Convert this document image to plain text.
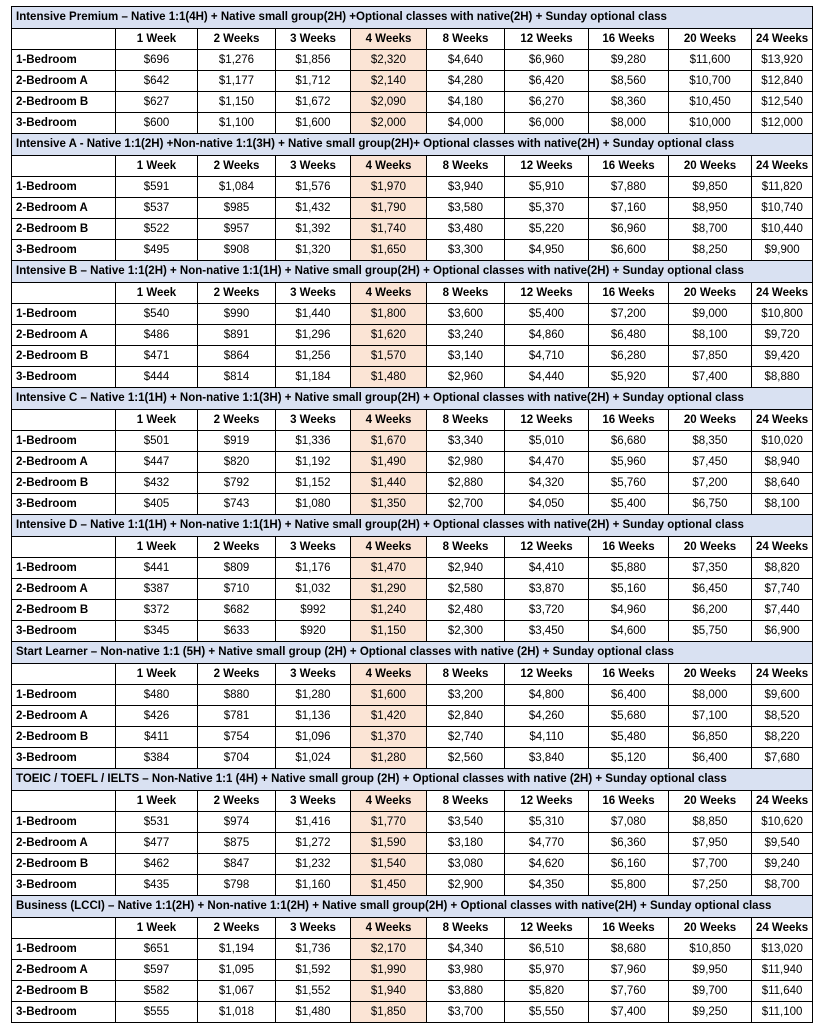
Intensive Premium – Native 1:1(4H) + Native small group(2H) +Optional classes with native(2H) + Sunday optional class									
	1 Week	2 Weeks	3 Weeks	4 Weeks	8 Weeks	12 Weeks	16 Weeks	20 Weeks	24 Weeks
1-Bedroom	$696	$1,276	$1,856	$2,320	$4,640	$6,960	$9,280	$11,600	$13,920
2-Bedroom A	$642	$1,177	$1,712	$2,140	$4,280	$6,420	$8,560	$10,700	$12,840
2-Bedroom B	$627	$1,150	$1,672	$2,090	$4,180	$6,270	$8,360	$10,450	$12,540
3-Bedroom	$600	$1,100	$1,600	$2,000	$4,000	$6,000	$8,000	$10,000	$12,000
Intensive A - Native 1:1(2H) +Non-native 1:1(3H) + Native small group(2H)+ Optional classes with native(2H) + Sunday optional class									
	1 Week	2 Weeks	3 Weeks	4 Weeks	8 Weeks	12 Weeks	16 Weeks	20 Weeks	24 Weeks
1-Bedroom	$591	$1,084	$1,576	$1,970	$3,940	$5,910	$7,880	$9,850	$11,820
2-Bedroom A	$537	$985	$1,432	$1,790	$3,580	$5,370	$7,160	$8,950	$10,740
2-Bedroom B	$522	$957	$1,392	$1,740	$3,480	$5,220	$6,960	$8,700	$10,440
3-Bedroom	$495	$908	$1,320	$1,650	$3,300	$4,950	$6,600	$8,250	$9,900
Intensive B – Native 1:1(2H) + Non-native 1:1(1H) + Native small group(2H) + Optional classes with native(2H) + Sunday optional class									
	1 Week	2 Weeks	3 Weeks	4 Weeks	8 Weeks	12 Weeks	16 Weeks	20 Weeks	24 Weeks
1-Bedroom	$540	$990	$1,440	$1,800	$3,600	$5,400	$7,200	$9,000	$10,800
2-Bedroom A	$486	$891	$1,296	$1,620	$3,240	$4,860	$6,480	$8,100	$9,720
2-Bedroom B	$471	$864	$1,256	$1,570	$3,140	$4,710	$6,280	$7,850	$9,420
3-Bedroom	$444	$814	$1,184	$1,480	$2,960	$4,440	$5,920	$7,400	$8,880
Intensive C – Native 1:1(1H) + Non-native 1:1(3H) + Native small group(2H) + Optional classes with native(2H) + Sunday optional class									
	1 Week	2 Weeks	3 Weeks	4 Weeks	8 Weeks	12 Weeks	16 Weeks	20 Weeks	24 Weeks
1-Bedroom	$501	$919	$1,336	$1,670	$3,340	$5,010	$6,680	$8,350	$10,020
2-Bedroom A	$447	$820	$1,192	$1,490	$2,980	$4,470	$5,960	$7,450	$8,940
2-Bedroom B	$432	$792	$1,152	$1,440	$2,880	$4,320	$5,760	$7,200	$8,640
3-Bedroom	$405	$743	$1,080	$1,350	$2,700	$4,050	$5,400	$6,750	$8,100
Intensive D – Native 1:1(1H) + Non-native 1:1(1H) + Native small group(2H) + Optional classes with native(2H) + Sunday optional class									
	1 Week	2 Weeks	3 Weeks	4 Weeks	8 Weeks	12 Weeks	16 Weeks	20 Weeks	24 Weeks
1-Bedroom	$441	$809	$1,176	$1,470	$2,940	$4,410	$5,880	$7,350	$8,820
2-Bedroom A	$387	$710	$1,032	$1,290	$2,580	$3,870	$5,160	$6,450	$7,740
2-Bedroom B	$372	$682	$992	$1,240	$2,480	$3,720	$4,960	$6,200	$7,440
3-Bedroom	$345	$633	$920	$1,150	$2,300	$3,450	$4,600	$5,750	$6,900
Start Learner – Non-native 1:1 (5H) + Native small group (2H) + Optional classes with native (2H) + Sunday optional class									
	1 Week	2 Weeks	3 Weeks	4 Weeks	8 Weeks	12 Weeks	16 Weeks	20 Weeks	24 Weeks
1-Bedroom	$480	$880	$1,280	$1,600	$3,200	$4,800	$6,400	$8,000	$9,600
2-Bedroom A	$426	$781	$1,136	$1,420	$2,840	$4,260	$5,680	$7,100	$8,520
2-Bedroom B	$411	$754	$1,096	$1,370	$2,740	$4,110	$5,480	$6,850	$8,220
3-Bedroom	$384	$704	$1,024	$1,280	$2,560	$3,840	$5,120	$6,400	$7,680
TOEIC / TOEFL / IELTS – Non-Native 1:1 (4H) + Native small group (2H) + Optional classes with native (2H) + Sunday optional class									
	1 Week	2 Weeks	3 Weeks	4 Weeks	8 Weeks	12 Weeks	16 Weeks	20 Weeks	24 Weeks
1-Bedroom	$531	$974	$1,416	$1,770	$3,540	$5,310	$7,080	$8,850	$10,620
2-Bedroom A	$477	$875	$1,272	$1,590	$3,180	$4,770	$6,360	$7,950	$9,540
2-Bedroom B	$462	$847	$1,232	$1,540	$3,080	$4,620	$6,160	$7,700	$9,240
3-Bedroom	$435	$798	$1,160	$1,450	$2,900	$4,350	$5,800	$7,250	$8,700
Business (LCCI) – Native 1:1(2H) + Non-native 1:1(2H) + Native small group(2H) + Optional classes with native(2H) + Sunday optional class									
	1 Week	2 Weeks	3 Weeks	4 Weeks	8 Weeks	12 Weeks	16 Weeks	20 Weeks	24 Weeks
1-Bedroom	$651	$1,194	$1,736	$2,170	$4,340	$6,510	$8,680	$10,850	$13,020
2-Bedroom A	$597	$1,095	$1,592	$1,990	$3,980	$5,970	$7,960	$9,950	$11,940
2-Bedroom B	$582	$1,067	$1,552	$1,940	$3,880	$5,820	$7,760	$9,700	$11,640
3-Bedroom	$555	$1,018	$1,480	$1,850	$3,700	$5,550	$7,400	$9,250	$11,100
